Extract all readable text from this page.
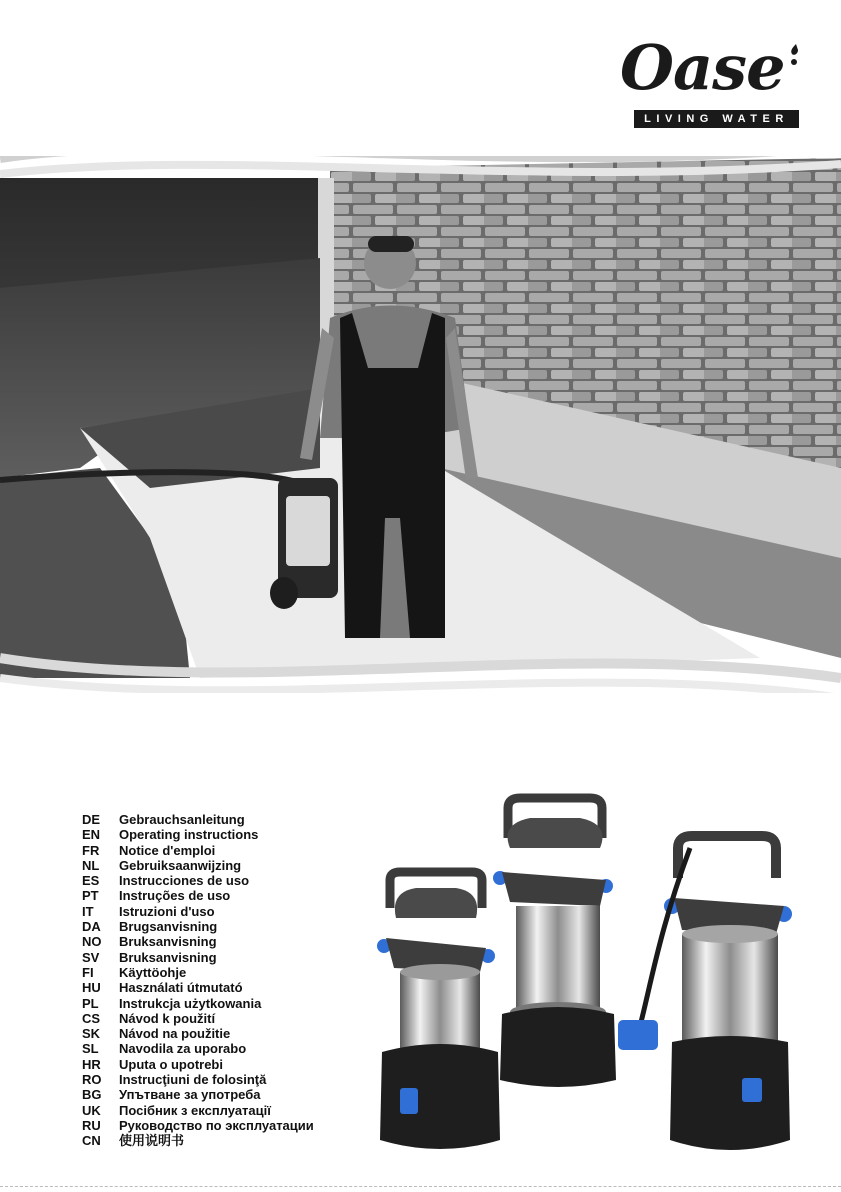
Oase
LIVING WATER
DE Gebrauchsanleitung
EN Operating instructions
FR Notice d'emploi
NL Gebruiksaanwijzing
ES Instrucciones de uso
PT Instruções de uso
IT Istruzioni d'uso
DA Brugsanvisning
NO Bruksanvisning
SV Bruksanvisning
FI Käyttöohje
HU Használati útmutató
PL Instrukcja użytkowania
CS Návod k použití
SK Návod na použitie
SL Navodila za uporabo
HR Uputa o upotrebi
RO Instrucţiuni de folosinţă
BG Упътване за употреба
UK Посібник з експлуатації
RU Руководство по эксплуатации
CN 使用说明书
